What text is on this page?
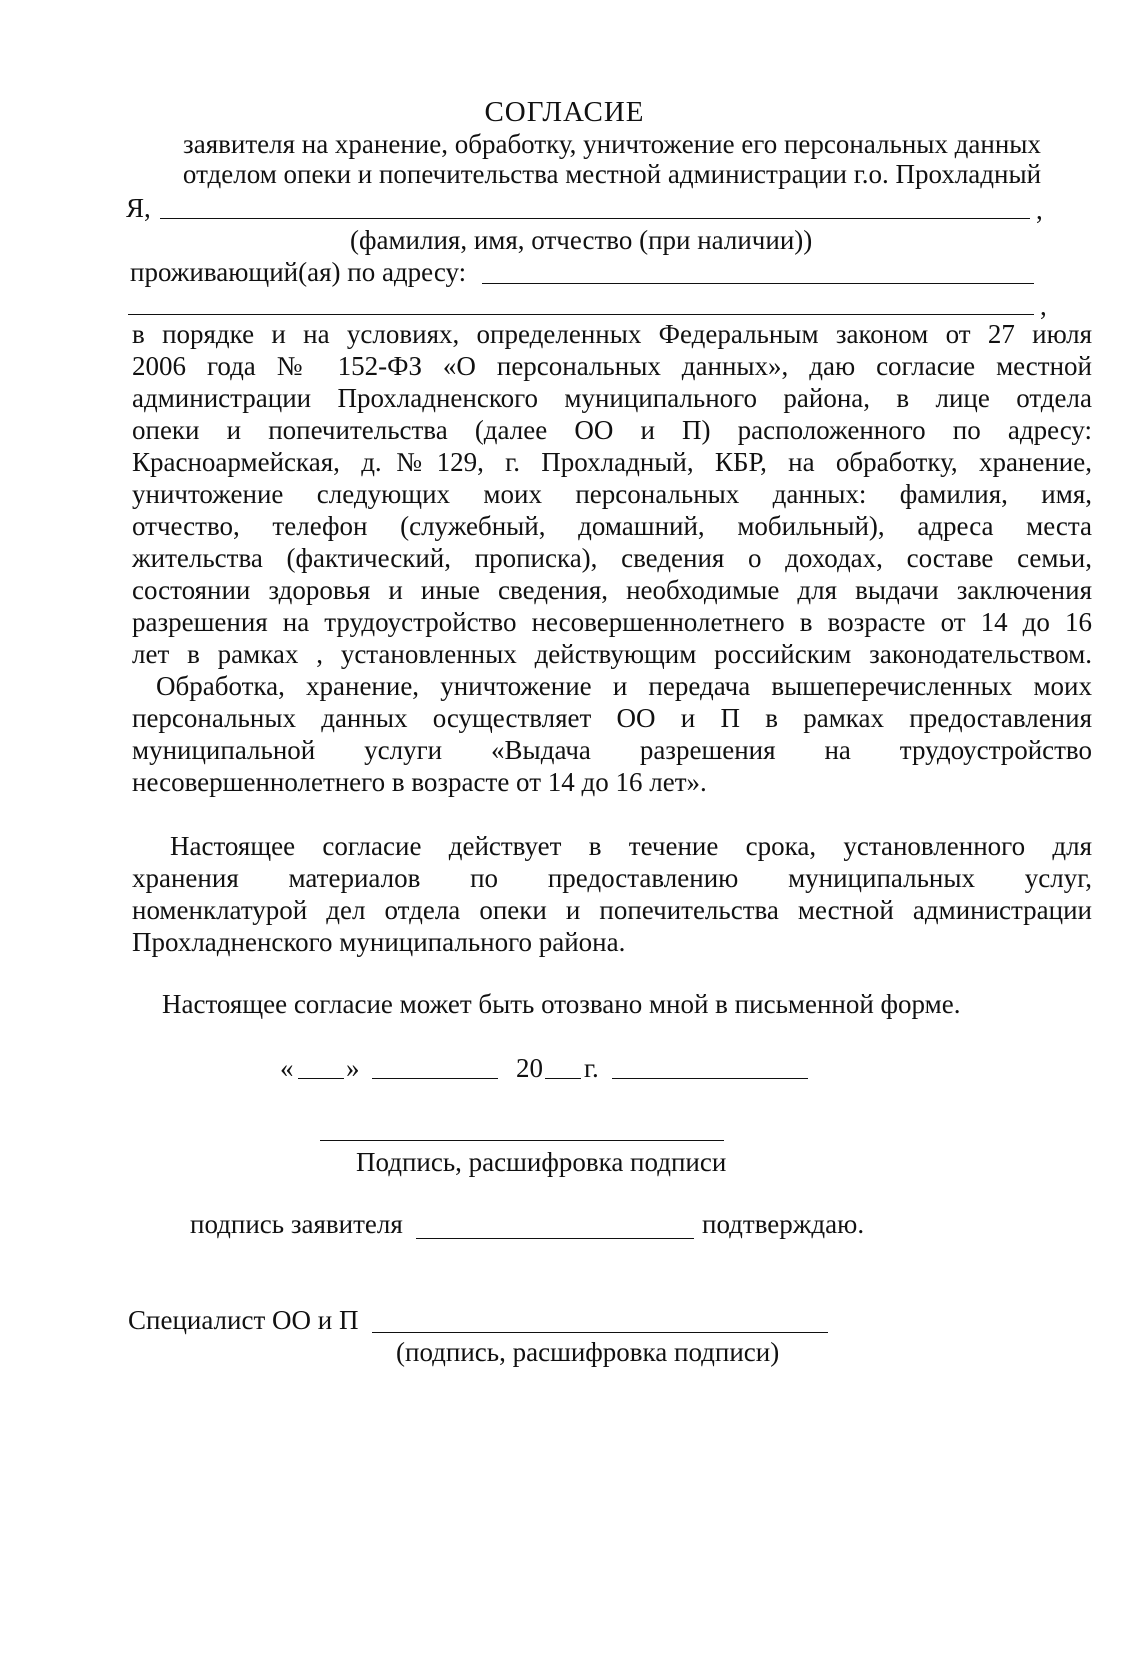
СОГЛАСИЕ
заявителя на хранение, обработку, уничтожение его персональных данных
отделом опеки и попечительства местной администрации г.о. Прохладный
Я,	,
(фамилия, имя, отчество (при наличии))
проживающий(ая) по адресу:
,
в порядке и на условиях, определенных Федеральным законом от 27 июля
2006 года № 152-ФЗ «О персональных данных», даю согласие местной
администрации Прохладненского муниципального района, в лице отдела
опеки и попечительства (далее ОО и П) расположенного по адресу:
Красноармейская, д.№129, г. Прохладный, КБР, на обработку, хранение,
уничтожение следующих моих персональных данных: фамилия, имя,
отчество, телефон (служебный, домашний, мобильный), адреса места
жительства (фактический, прописка), сведения о доходах, составе семьи,
состоянии здоровья и иные сведения, необходимые для выдачи заключения
разрешения на трудоустройство несовершеннолетнего в возрасте от 14 до 16
лет в рамках , установленных действующим российским законодательством.
Обработка, хранение, уничтожение и передача вышеперечисленных моих
персональных данных осуществляет ОО и П в рамках предоставления
муниципальной услуги «Выдача разрешения на трудоустройство
несовершеннолетнего в возрасте от 14 до 16 лет».
Настоящее согласие действует в течение срока, установленного для
хранения материалов по предоставлению муниципальных услуг,
номенклатурой дел отдела опеки и попечительства местной администрации
Прохладненского муниципального района.
Настоящее согласие может быть отозвано мной в письменной форме.
« »	20 г.
Подпись, расшифровка подписи
подпись заявителя	подтверждаю.
Специалист ОО и П
(подпись, расшифровка подписи)
